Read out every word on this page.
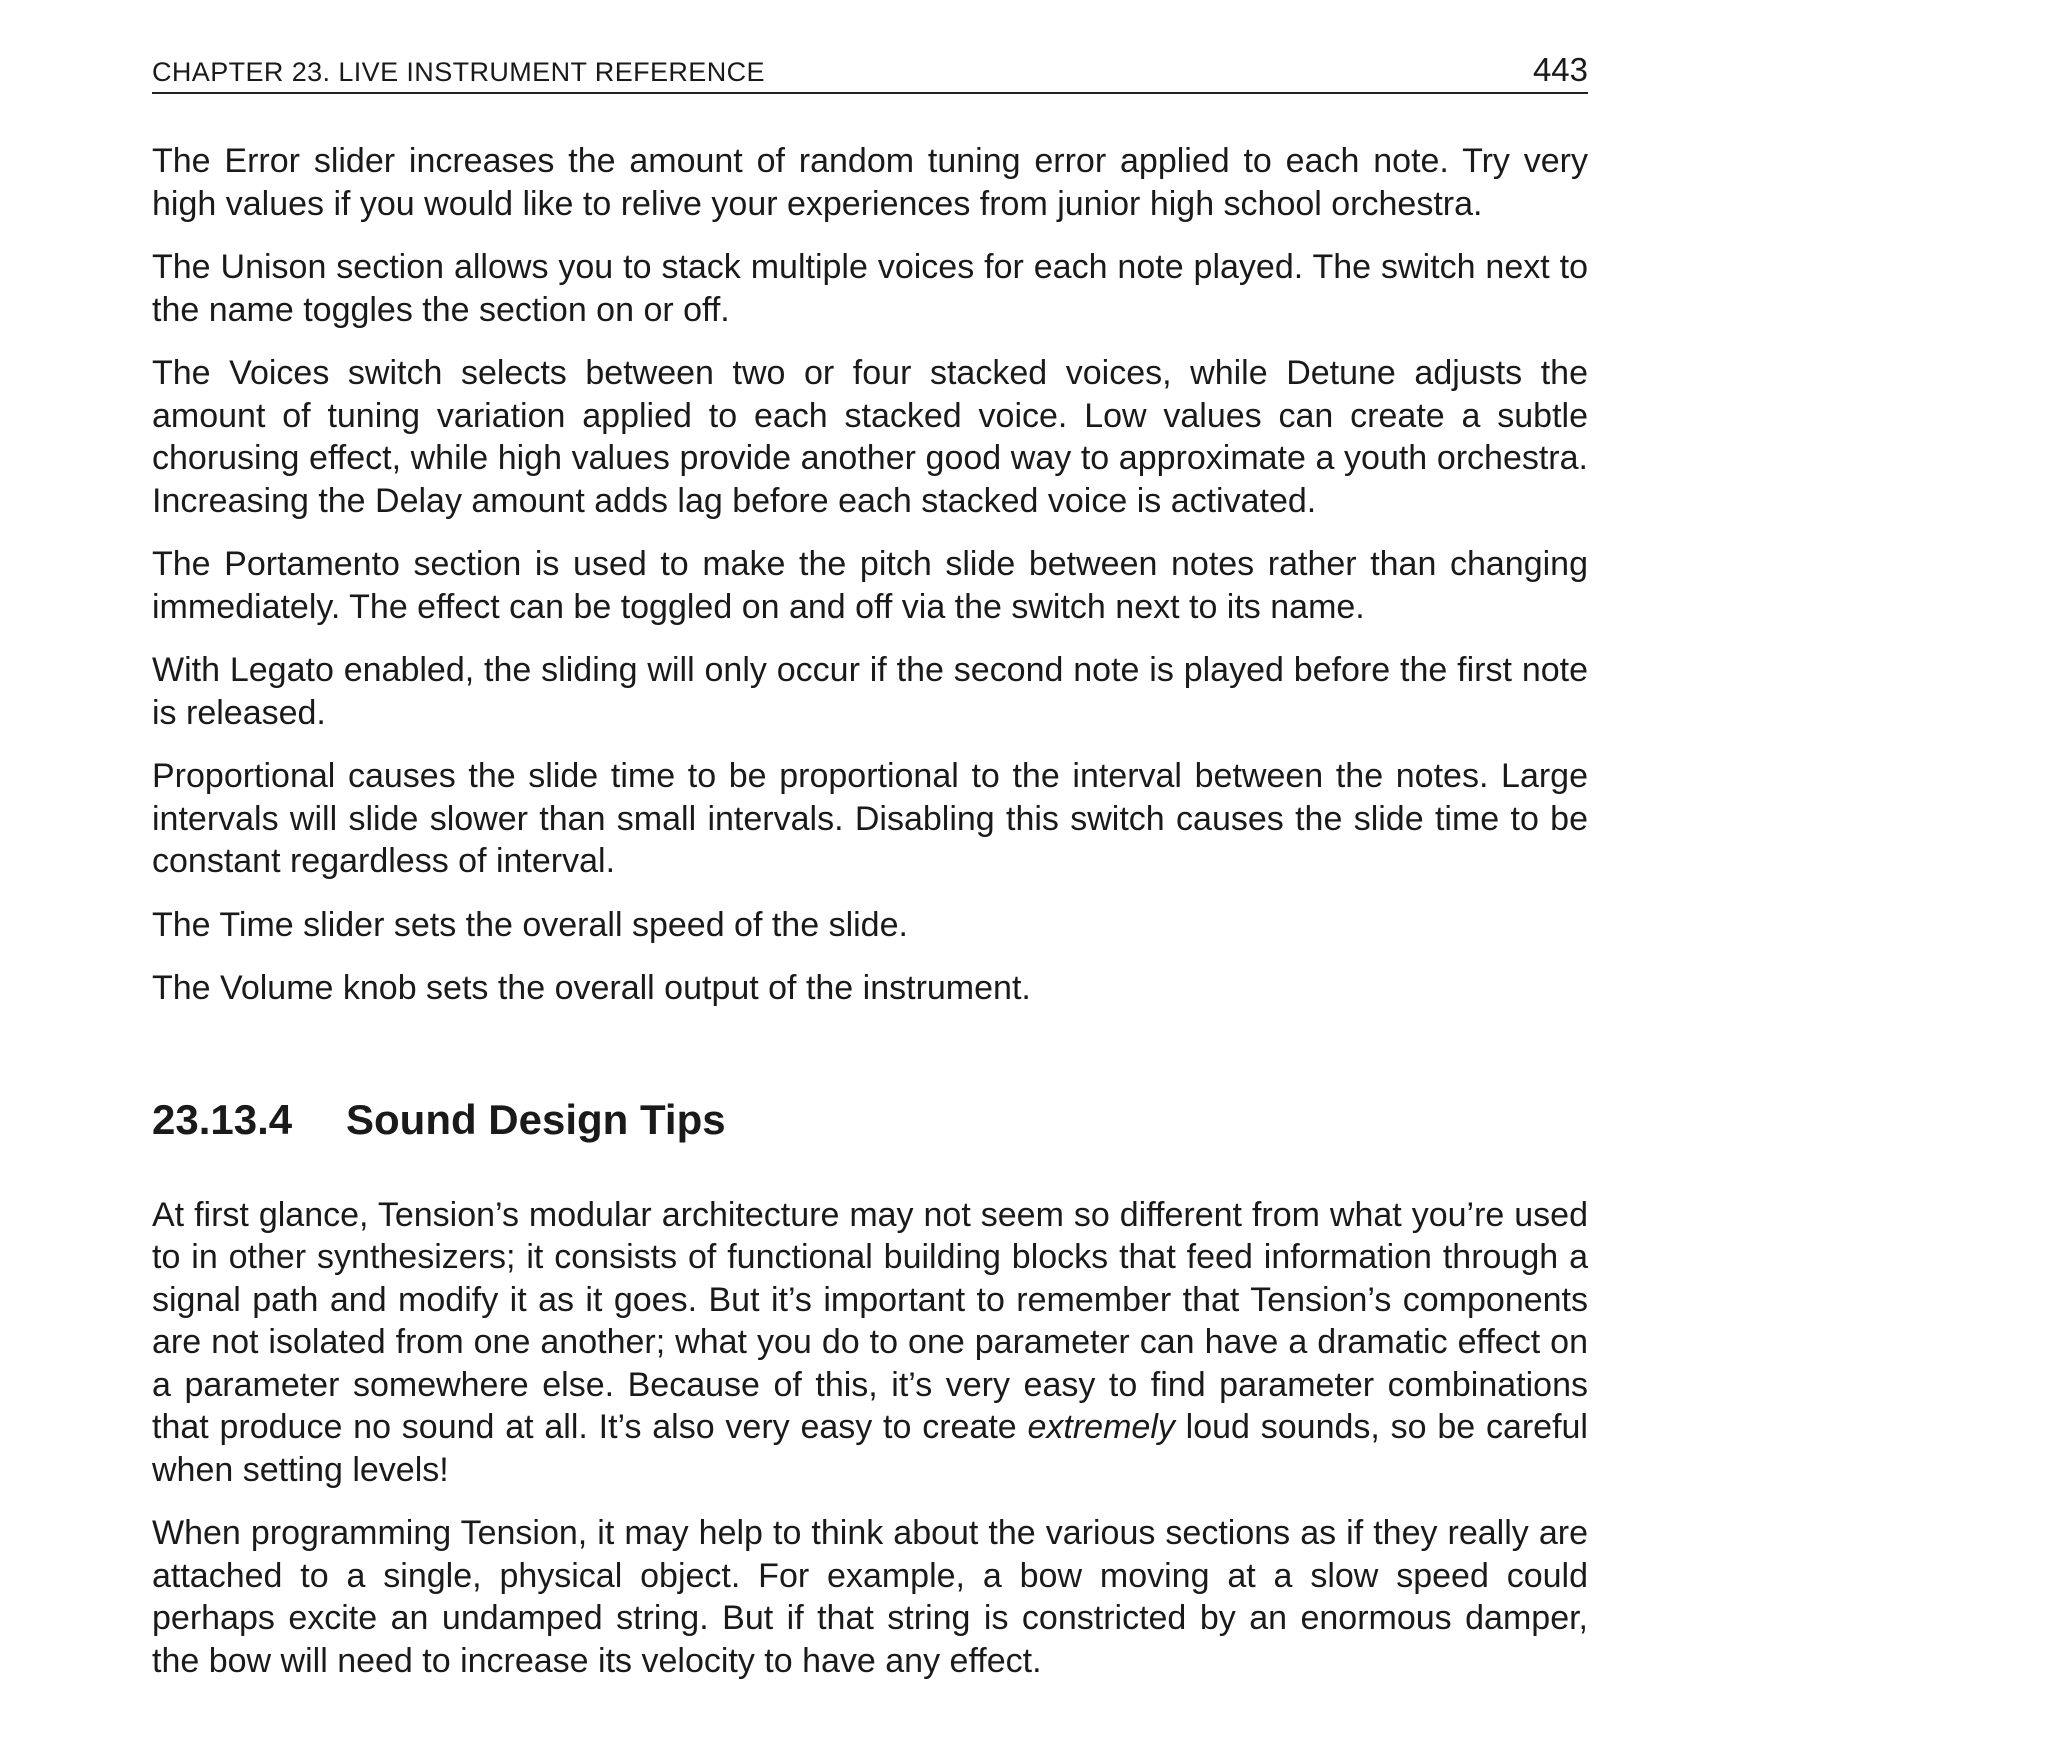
CHAPTER 23. LIVE INSTRUMENT REFERENCE	443

The Error slider increases the amount of random tuning error applied to each note. Try very high values if you would like to relive your experiences from junior high school orchestra.

The Unison section allows you to stack multiple voices for each note played. The switch next to the name toggles the section on or off.

The Voices switch selects between two or four stacked voices, while Detune adjusts the amount of tuning variation applied to each stacked voice. Low values can create a subtle chorusing effect, while high values provide another good way to approximate a youth orchestra. Increasing the Delay amount adds lag before each stacked voice is activated.

The Portamento section is used to make the pitch slide between notes rather than changing immediately. The effect can be toggled on and off via the switch next to its name.

With Legato enabled, the sliding will only occur if the second note is played before the first note is released.

Proportional causes the slide time to be proportional to the interval between the notes. Large intervals will slide slower than small intervals. Disabling this switch causes the slide time to be constant regardless of interval.

The Time slider sets the overall speed of the slide.

The Volume knob sets the overall output of the instrument.

23.13.4	Sound Design Tips

At first glance, Tension’s modular architecture may not seem so different from what you’re used to in other synthesizers; it consists of functional building blocks that feed information through a signal path and modify it as it goes. But it’s important to remember that Tension’s components are not isolated from one another; what you do to one parameter can have a dramatic effect on a parameter somewhere else. Because of this, it’s very easy to find parameter combinations that produce no sound at all. It’s also very easy to create extremely loud sounds, so be careful when setting levels!

When programming Tension, it may help to think about the various sections as if they really are attached to a single, physical object. For example, a bow moving at a slow speed could perhaps excite an undamped string. But if that string is constricted by an enormous damper, the bow will need to increase its velocity to have any effect.
